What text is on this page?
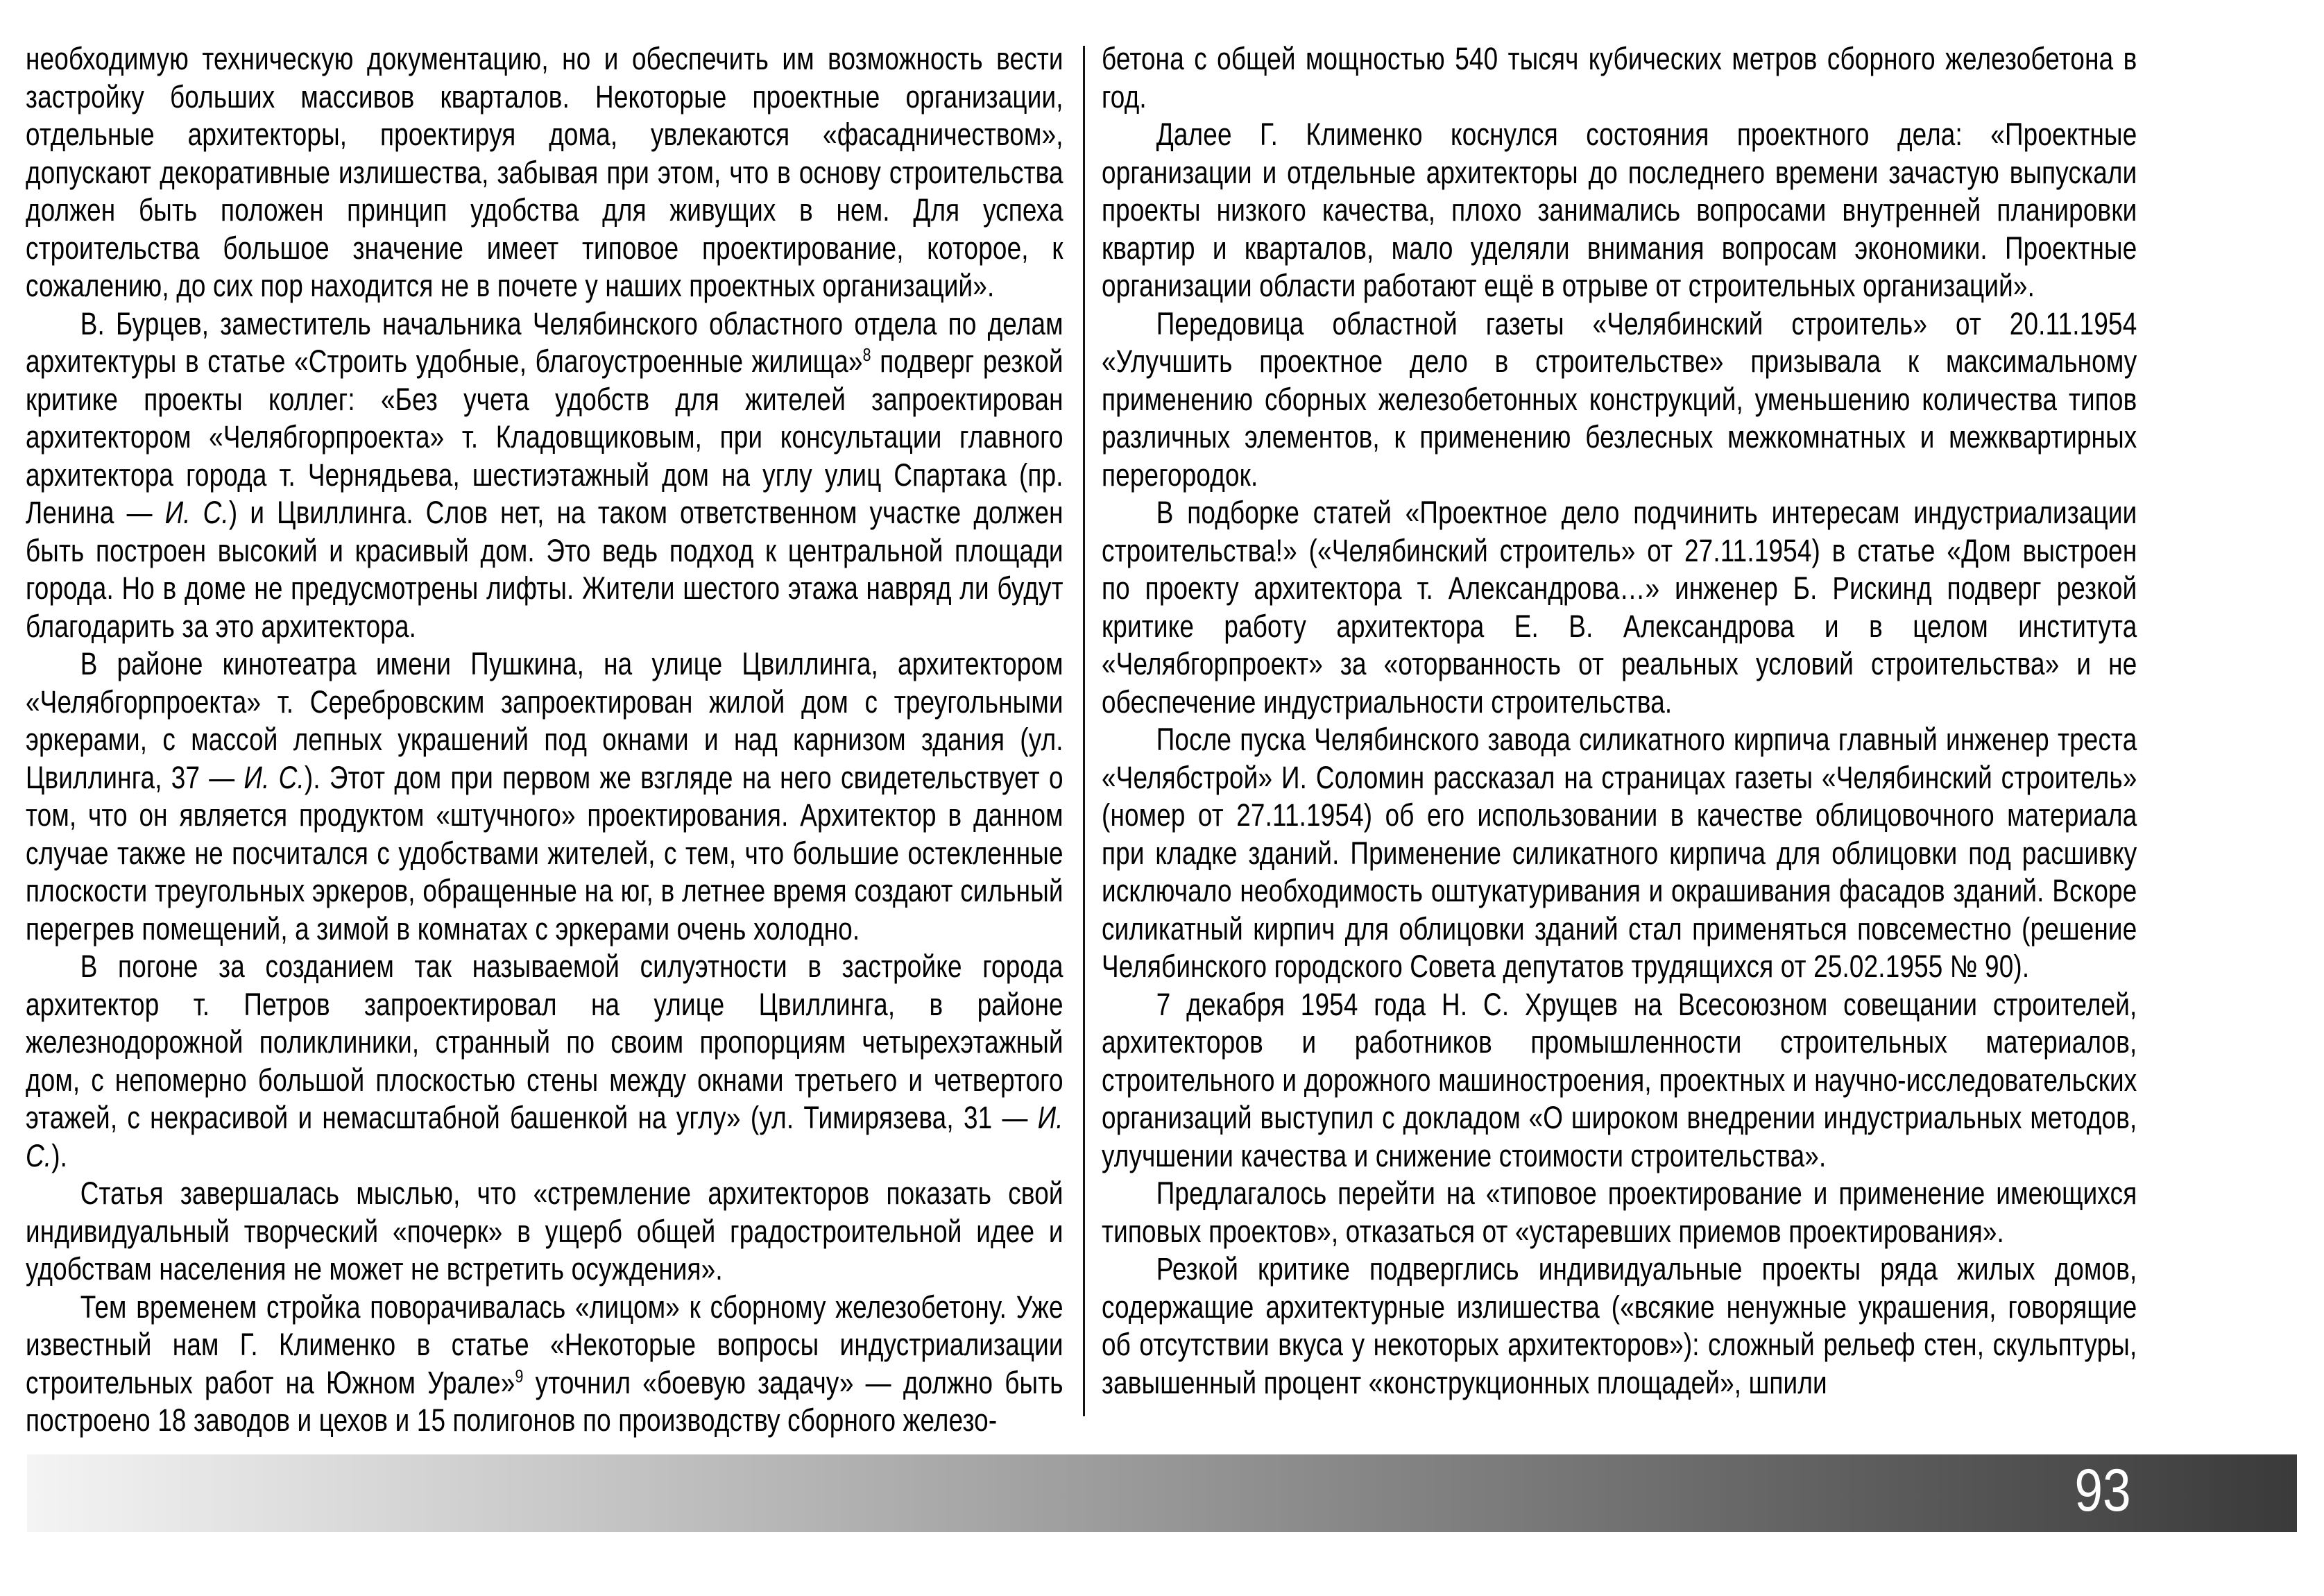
необходимую техническую документацию, но и обеспечить им возможность вести застройку больших массивов кварталов. Некоторые проектные организации, отдельные архитекторы, проектируя дома, увлекаются «фасадничеством», допускают декоративные излишества, забывая при этом, что в основу строительства должен быть положен принцип удобства для живущих в нем. Для успеха строительства большое значение имеет типовое проектирование, которое, к сожалению, до сих пор находится не в почете у наших проектных организаций».

В. Бурцев, заместитель начальника Челябинского областного отдела по делам архитектуры в статье «Строить удобные, благоустроенные жилища»$^8$ подверг резкой критике проекты коллег: «Без учета удобств для жителей запроектирован архитектором «Челябгорпроекта» т. Кладовщиковым, при консультации главного архитектора города т. Чернядьева, шестиэтажный дом на углу улиц Спартака (пр. Ленина — И. С.) и Цвиллинга. Слов нет, на таком ответственном участке должен быть построен высокий и красивый дом. Это ведь подход к центральной площади города. Но в доме не предусмотрены лифты. Жители шестого этажа навряд ли будут благодарить за это архитектора.

В районе кинотеатра имени Пушкина, на улице Цвиллинга, архитектором «Челябгорпроекта» т. Серебровским запроектирован жилой дом с треугольными эркерами, с массой лепных украшений под окнами и над карнизом здания (ул. Цвиллинга, 37 — И. С.). Этот дом при первом же взгляде на него свидетельствует о том, что он является продуктом «штучного» проектирования. Архитектор в данном случае также не посчитался с удобствами жителей, с тем, что большие остекленные плоскости треугольных эркеров, обращенные на юг, в летнее время создают сильный перегрев помещений, а зимой в комнатах с эркерами очень холодно.

В погоне за созданием так называемой силуэтности в застройке города архитектор т. Петров запроектировал на улице Цвиллинга, в районе железнодорожной поликлиники, странный по своим пропорциям четырехэтажный дом, с непомерно большой плоскостью стены между окнами третьего и четвертого этажей, с некрасивой и немасштабной башенкой на углу» (ул. Тимирязева, 31 — И. С.).

Статья завершалась мыслью, что «стремление архитекторов показать свой индивидуальный творческий «почерк» в ущерб общей градостроительной идее и удобствам населения не может не встретить осуждения».

Тем временем стройка поворачивалась «лицом» к сборному железобетону. Уже известный нам Г. Клименко в статье «Некоторые вопросы индустриализации строительных работ на Южном Урале»$^9$ уточнил «боевую задачу» — должно быть построено 18 заводов и цехов и 15 полигонов по производству сборного железо-

бетона с общей мощностью 540 тысяч кубических метров сборного железобетона в год.

Далее Г. Клименко коснулся состояния проектного дела: «Проектные организации и отдельные архитекторы до последнего времени зачастую выпускали проекты низкого качества, плохо занимались вопросами внутренней планировки квартир и кварталов, мало уделяли внимания вопросам экономики. Проектные организации области работают ещё в отрыве от строительных организаций».

Передовица областной газеты «Челябинский строитель» от 20.11.1954 «Улучшить проектное дело в строительстве» призывала к максимальному применению сборных железобетонных конструкций, уменьшению количества типов различных элементов, к применению безлесных межкомнатных и межквартирных перегородок.

В подборке статей «Проектное дело подчинить интересам индустриализации строительства!» («Челябинский строитель» от 27.11.1954) в статье «Дом выстроен по проекту архитектора т. Александрова…» инженер Б. Рискинд подверг резкой критике работу архитектора Е. В. Александрова и в целом института «Челябгорпроект» за «оторванность от реальных условий строительства» и не обеспечение индустриальности строительства.

После пуска Челябинского завода силикатного кирпича главный инженер треста «Челябстрой» И. Соломин рассказал на страницах газеты «Челябинский строитель» (номер от 27.11.1954) об его использовании в качестве облицовочного материала при кладке зданий. Применение силикатного кирпича для облицовки под расшивку исключало необходимость оштукатуривания и окрашивания фасадов зданий. Вскоре силикатный кирпич для облицовки зданий стал применяться повсеместно (решение Челябинского городского Совета депутатов трудящихся от 25.02.1955 № 90).

7 декабря 1954 года Н. С. Хрущев на Всесоюзном совещании строителей, архитекторов и работников промышленности строительных материалов, строительного и дорожного машиностроения, проектных и научно-исследовательских организаций выступил с докладом «О широком внедрении индустриальных методов, улучшении качества и снижение стоимости строительства».

Предлагалось перейти на «типовое проектирование и применение имеющихся типовых проектов», отказаться от «устаревших приемов проектирования».

Резкой критике подверглись индивидуальные проекты ряда жилых домов, содержащие архитектурные излишества («всякие ненужные украшения, говорящие об отсутствии вкуса у некоторых архитекторов»): сложный рельеф стен, скульптуры, завышенный процент «конструкционных площадей», шпили

93
